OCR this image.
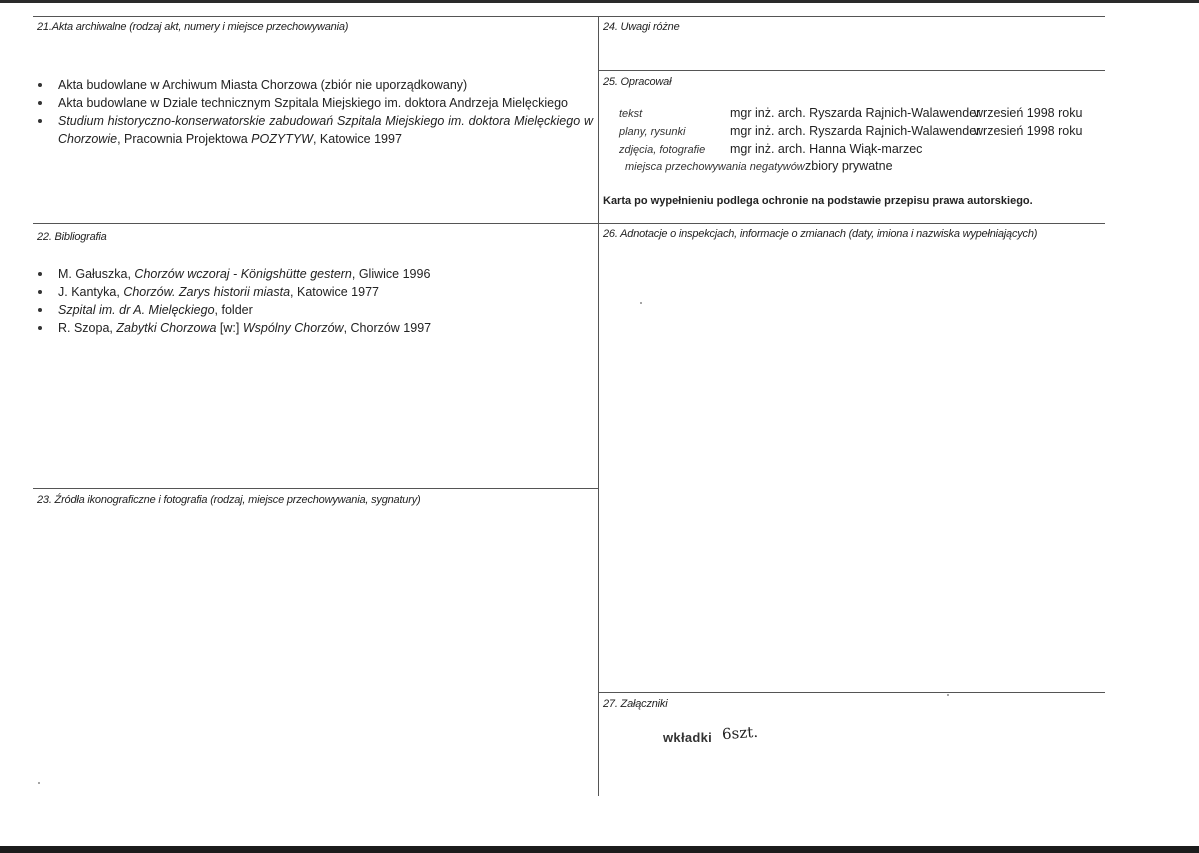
21.Akta archiwalne (rodzaj akt, numery i miejsce przechowywania)
Akta budowlane w Archiwum Miasta Chorzowa (zbiór nie uporządkowany)
Akta budowlane w Dziale technicznym Szpitala Miejskiego im. doktora Andrzeja Mielęckiego
Studium historyczno-konserwatorskie zabudowań Szpitala Miejskiego im. doktora Mielęckiego w Chorzowie, Pracownia Projektowa POZYTYW, Katowice 1997
22. Bibliografia
M. Gałuszka, Chorzów wczoraj - Königshütte gestern, Gliwice 1996
J. Kantyka, Chorzów. Zarys historii miasta, Katowice 1977
Szpital im. dr A. Mielęckiego, folder
R. Szopa, Zabytki Chorzowa [w:] Wspólny Chorzów, Chorzów 1997
23. Źródła ikonograficzne i fotografia (rodzaj, miejsce przechowywania, sygnatury)
24. Uwagi różne
25. Opracował
tekst	mgr inż. arch. Ryszarda Rajnich-Walawender
wrzesień 1998 roku
plany, rysunki	mgr inż. arch. Ryszarda Rajnich-Walawender
wrzesień 1998 roku
zdjęcia, fotografie mgr inż. arch. Hanna Wiąk-marzec
miejsca przechowywania negatywów zbiory prywatne
Karta po wypełnieniu podlega ochronie na podstawie przepisu prawa autorskiego.
26. Adnotacje o inspekcjach, informacje o zmianach (daty, imiona i nazwiska wypełniających)
27. Załączniki
wkładki 6szt.
